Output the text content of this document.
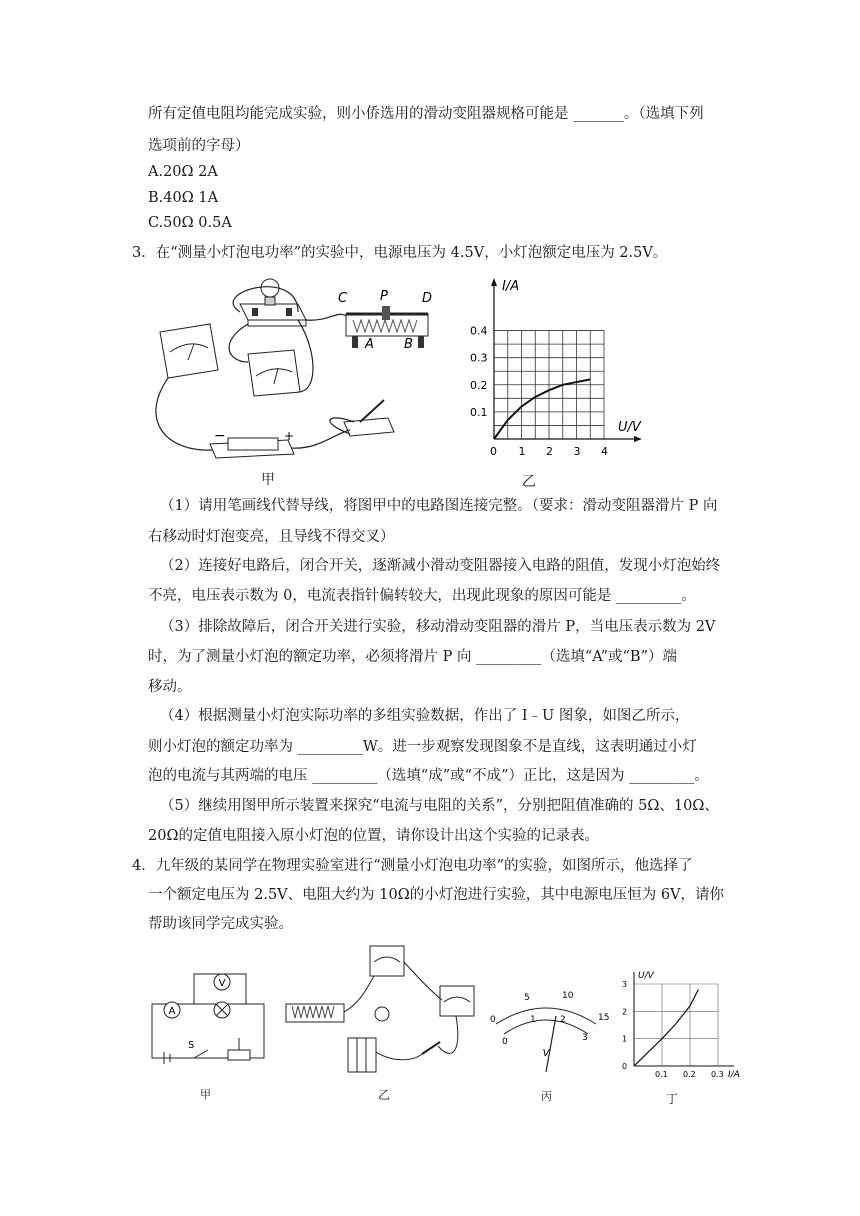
所有定值电阻均能完成实验，则小侨选用的滑动变阻器规格可能是 _______。（选填下列
选项前的字母）
A.20Ω 2A
B.40Ω 1A
C.50Ω 0.5A
3．在“测量小灯泡电功率”的实验中，电源电压为 4.5V，小灯泡额定电压为 2.5V。
C	P	D
A B
−	+
甲
I/A
U/V
0 1 2 3 4
0.1
0.2
0.3
0.4
乙
（1）请用笔画线代替导线，将图甲中的电路图连接完整。（要求：滑动变阻器滑片 P 向
右移动时灯泡变亮，且导线不得交叉）
（2）连接好电路后，闭合开关，逐渐减小滑动变阻器接入电路的阻值，发现小灯泡始终
不亮，电压表示数为 0，电流表指针偏转较大，出现此现象的原因可能是 _________。
（3）排除故障后，闭合开关进行实验，移动滑动变阻器的滑片 P，当电压表示数为 2V
时，为了测量小灯泡的额定功率，必须将滑片 P 向 _________（选填“A”或“B”）端
移动。
（4）根据测量小灯泡实际功率的多组实验数据，作出了 I﹣U 图象，如图乙所示，
则小灯泡的额定功率为 _________W。进一步观察发现图象不是直线，这表明通过小灯
泡的电流与其两端的电压 _________（选填“成”或“不成”）正比，这是因为 _________。
（5）继续用图甲所示装置来探究“电流与电阻的关系”，分别把阻值准确的 5Ω、10Ω、
20Ω的定值电阻接入原小灯泡的位置，请你设计出这个实验的记录表。
4．九年级的某同学在物理实验室进行“测量小灯泡电功率”的实验，如图所示，他选择了
一个额定电压为 2.5V、电阻大约为 10Ω的小灯泡进行实验，其中电源电压恒为 6V，请你
帮助该同学完成实验。
V
A
S
甲	乙
V
0
5	10
15
0
1	2
3
丙
U/V
I/A
0.1 0.2 0.3
0
1
2
3
丁
